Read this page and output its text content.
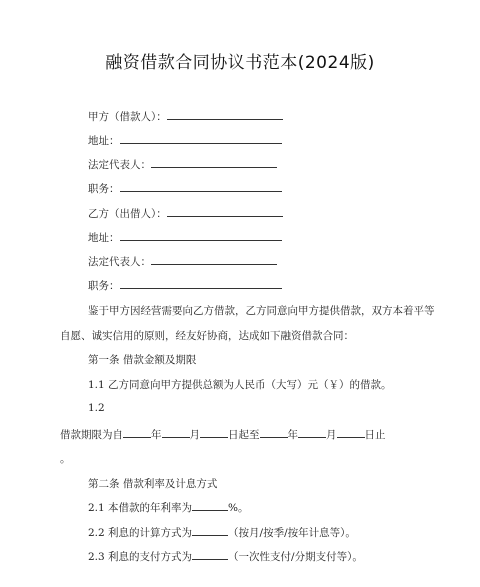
融资借款合同协议书范本(2024版)
甲方（借款人）：
地址：
法定代表人：
职务：
乙方（出借人）：
地址：
法定代表人：
职务：
鉴于甲方因经营需要向乙方借款，乙方同意向甲方提供借款，双方本着平等
自愿、诚实信用的原则，经友好协商，达成如下融资借款合同：
第一条 借款金额及期限
1.1 乙方同意向甲方提供总额为人民币（大写）元（￥）的借款。
1.2
借款期限为自	年	月	日起至	年	月	日止
。
第二条 借款利率及计息方式
2.1 本借款的年利率为	%。
2.2 利息的计算方式为	（按月/按季/按年计息等）。
2.3 利息的支付方式为	（一次性支付/分期支付等）。
